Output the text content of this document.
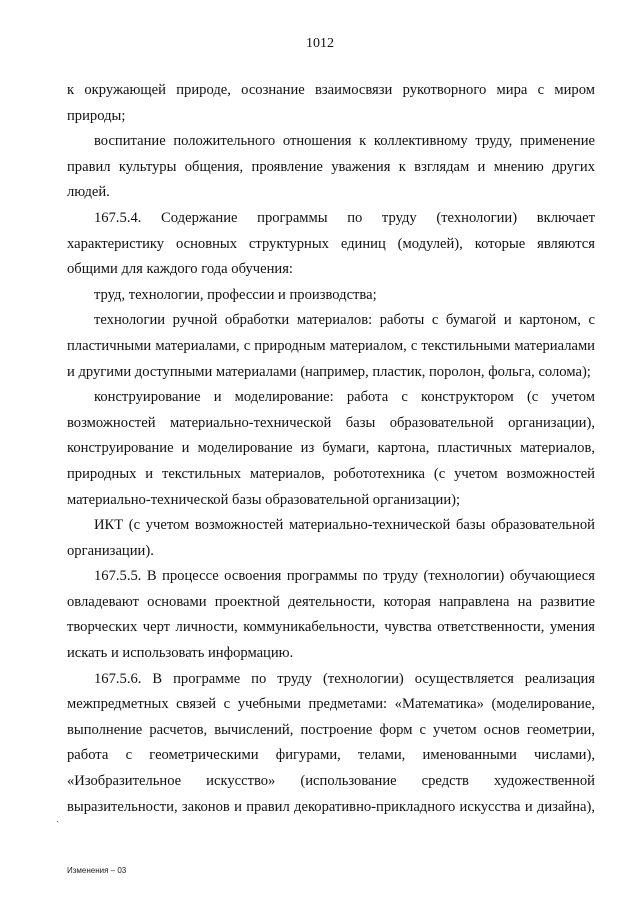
1012

к окружающей природе, осознание взаимосвязи рукотворного мира с миром природы;

воспитание положительного отношения к коллективному труду, применение правил культуры общения, проявление уважения к взглядам и мнению других людей.

167.5.4. Содержание программы по труду (технологии) включает характеристику основных структурных единиц (модулей), которые являются общими для каждого года обучения:

труд, технологии, профессии и производства;

технологии ручной обработки материалов: работы с бумагой и картоном, с пластичными материалами, с природным материалом, с текстильными материалами и другими доступными материалами (например, пластик, поролон, фольга, солома);

конструирование и моделирование: работа с конструктором (с учетом возможностей материально-технической базы образовательной организации), конструирование и моделирование из бумаги, картона, пластичных материалов, природных и текстильных материалов, робототехника (с учетом возможностей материально-технической базы образовательной организации);

ИКТ (с учетом возможностей материально-технической базы образовательной организации).

167.5.5. В процессе освоения программы по труду (технологии) обучающиеся овладевают основами проектной деятельности, которая направлена на развитие творческих черт личности, коммуникабельности, чувства ответственности, умения искать и использовать информацию.

167.5.6. В программе по труду (технологии) осуществляется реализация межпредметных связей с учебными предметами: «Математика» (моделирование, выполнение расчетов, вычислений, построение форм с учетом основ геометрии, работа с геометрическими фигурами, телами, именованными числами), «Изобразительное искусство» (использование средств художественной выразительности, законов и правил декоративно-прикладного искусства и дизайна),

ˏ
Изменения – 03
